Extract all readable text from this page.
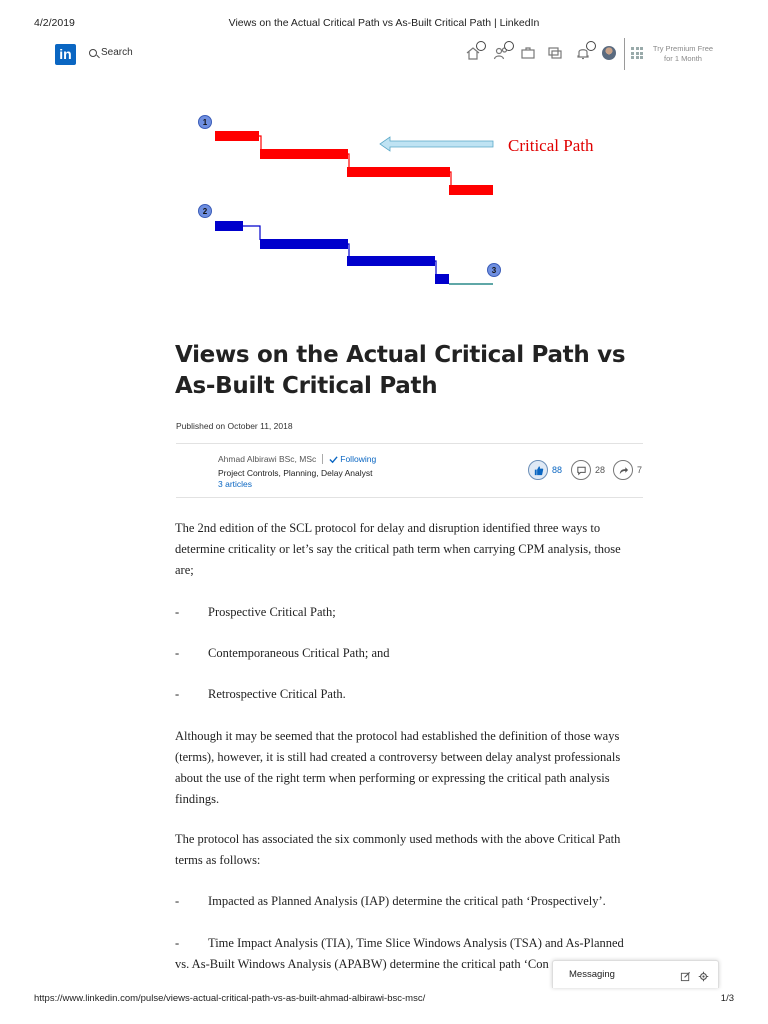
4/2/2019	Views on the Actual Critical Path vs As-Built Critical Path | LinkedIn
in	Search	Try Premium Free
for 1 Month
Critical Path
1
2
3
Views on the Actual Critical Path vs As-Built Critical Path
Published on October 11, 2018
Ahmad Albirawi BSc, MSc	Following
Project Controls, Planning, Delay Analyst
3 articles
88	28	7

The 2nd edition of the SCL protocol for delay and disruption identified three ways to determine criticality or let’s say the critical path term when carrying CPM analysis, those are;

- Prospective Critical Path;
- Contemporaneous Critical Path; and
- Retrospective Critical Path.

Although it may be seemed that the protocol had established the definition of those ways (terms), however, it is still had created a controversy between delay analyst professionals about the use of the right term when performing or expressing the critical path analysis findings.

The protocol has associated the six commonly used methods with the above Critical Path terms as follows:

- Impacted as Planned Analysis (IAP) determine the critical path ‘Prospectively’.
- Time Impact Analysis (TIA), Time Slice Windows Analysis (TSA) and As-Planned
vs. As-Built Windows Analysis (APABW) determine the critical path ‘Con
Messaging
https://www.linkedin.com/pulse/views-actual-critical-path-vs-as-built-ahmad-albirawi-bsc-msc/	1/3
